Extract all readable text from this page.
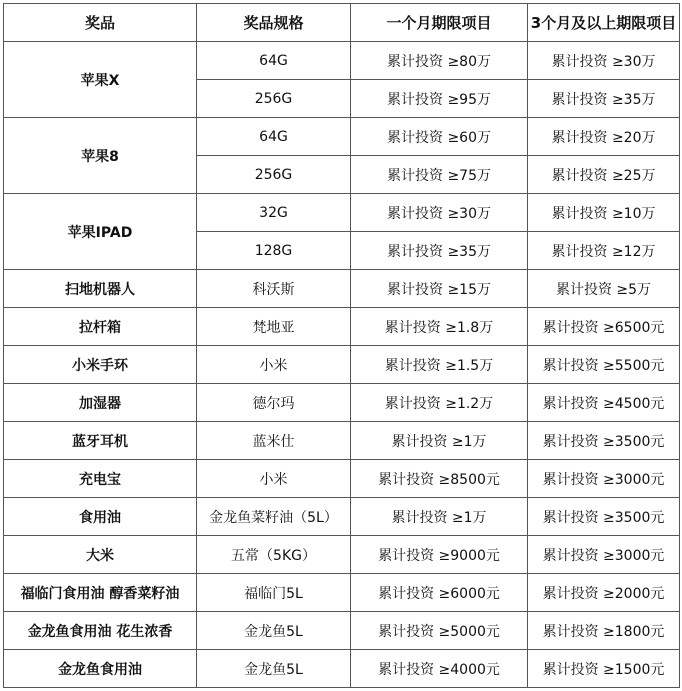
奖品	奖品规格	一个月期限项目	3个月及以上期限项目
苹果X	64G	累计投资 ≥80万	累计投资 ≥30万
	256G	累计投资 ≥95万	累计投资 ≥35万
苹果8	64G	累计投资 ≥60万	累计投资 ≥20万
	256G	累计投资 ≥75万	累计投资 ≥25万
苹果IPAD	32G	累计投资 ≥30万	累计投资 ≥10万
	128G	累计投资 ≥35万	累计投资 ≥12万
扫地机器人	科沃斯	累计投资 ≥15万	累计投资 ≥5万
拉杆箱	梵地亚	累计投资 ≥1.8万	累计投资 ≥6500元
小米手环	小米	累计投资 ≥1.5万	累计投资 ≥5500元
加湿器	德尔玛	累计投资 ≥1.2万	累计投资 ≥4500元
蓝牙耳机	蓝米仕	累计投资 ≥1万	累计投资 ≥3500元
充电宝	小米	累计投资 ≥8500元	累计投资 ≥3000元
食用油	金龙鱼菜籽油（5L）	累计投资 ≥1万	累计投资 ≥3500元
大米	五常（5KG）	累计投资 ≥9000元	累计投资 ≥3000元
福临门食用油 醇香菜籽油	福临门5L	累计投资 ≥6000元	累计投资 ≥2000元
金龙鱼食用油 花生浓香	金龙鱼5L	累计投资 ≥5000元	累计投资 ≥1800元
金龙鱼食用油	金龙鱼5L	累计投资 ≥4000元	累计投资 ≥1500元
